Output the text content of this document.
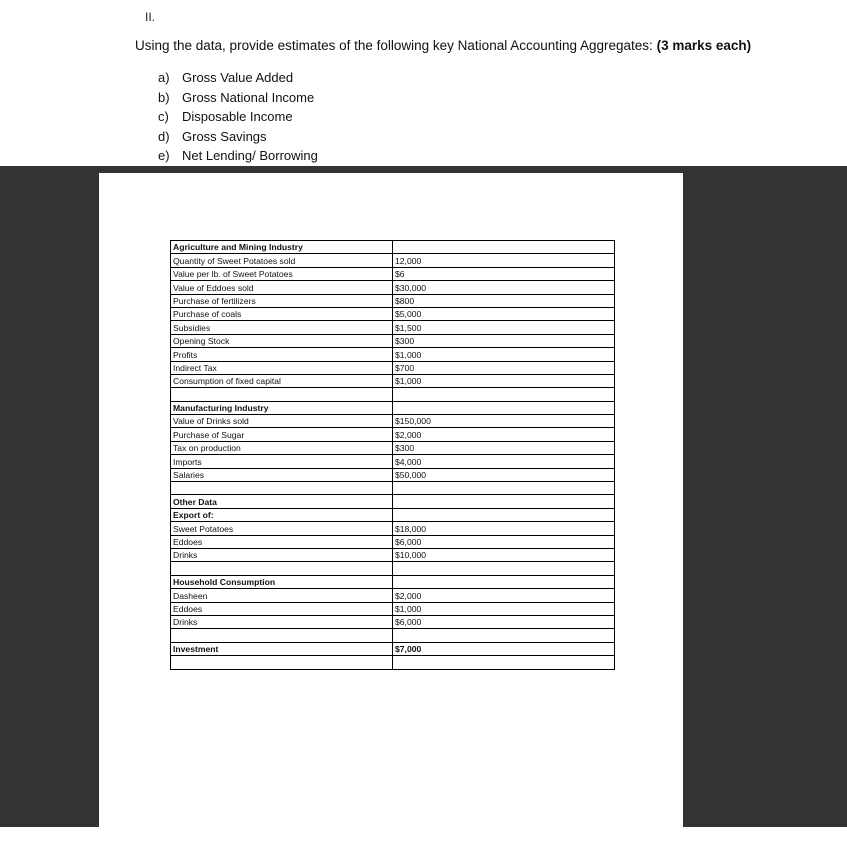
II.
Using the data, provide estimates of the following key National Accounting Aggregates: (3 marks each)
a) Gross Value Added
b) Gross National Income
c) Disposable Income
d) Gross Savings
e) Net Lending/ Borrowing
Agriculture and Mining Industry	
Quantity of Sweet Potatoes sold	12,000
Value per lb. of Sweet Potatoes	$6
Value of Eddoes sold	$30,000
Purchase of fertilizers	$800
Purchase of coals	$5,000
Subsidies	$1,500
Opening Stock	$300
Profits	$1,000
Indirect Tax	$700
Consumption of fixed capital	$1,000

Manufacturing Industry	
Value of Drinks sold	$150,000
Purchase of Sugar	$2,000
Tax on production	$300
Imports	$4,000
Salaries	$50,000

Other Data	
Export of:	
Sweet Potatoes	$18,000
Eddoes	$6,000
Drinks	$10,000

Household Consumption	
Dasheen	$2,000
Eddoes	$1,000
Drinks	$6,000

Investment	$7,000
